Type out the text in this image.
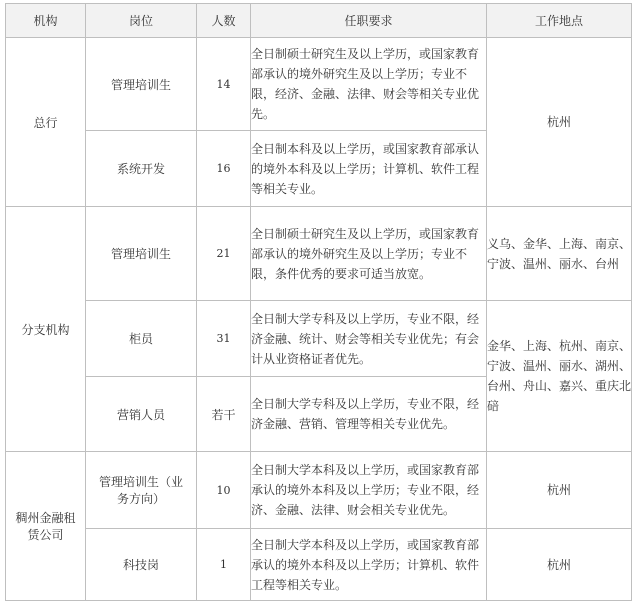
机构	岗位	人数	任职要求	工作地点
总行	管理培训生	14	全日制硕士研究生及以上学历，或国家教育部承认的境外研究生及以上学历；专业不限，经济、金融、法律、财会等相关专业优先。	杭州
	系统开发	16	全日制本科及以上学历，或国家教育部承认的境外本科及以上学历；计算机、软件工程等相关专业。	

分支机构	管理培训生	21	全日制硕士研究生及以上学历，或国家教育部承认的境外研究生及以上学历；专业不限，条件优秀的要求可适当放宽。	义乌、金华、上海、南京、宁波、温州、丽水、台州

	柜员	31	全日制大学专科及以上学历，专业不限，经济金融、统计、财会等相关专业优先；有会计从业资格证者优先。	金华、上海、杭州、南京、宁波、温州、丽水、湖州、台州、舟山、嘉兴、重庆北碚

	营销人员	若干	全日制大学专科及以上学历，专业不限，经济金融、营销、管理等相关专业优先。	

稠州金融租赁公司	管理培训生（业务方向）	10	全日制大学本科及以上学历，或国家教育部承认的境外本科及以上学历；专业不限，经济、金融、法律、财会相关专业优先。	杭州
	科技岗	1	全日制大学本科及以上学历，或国家教育部承认的境外本科及以上学历；计算机、软件工程等相关专业。	杭州
